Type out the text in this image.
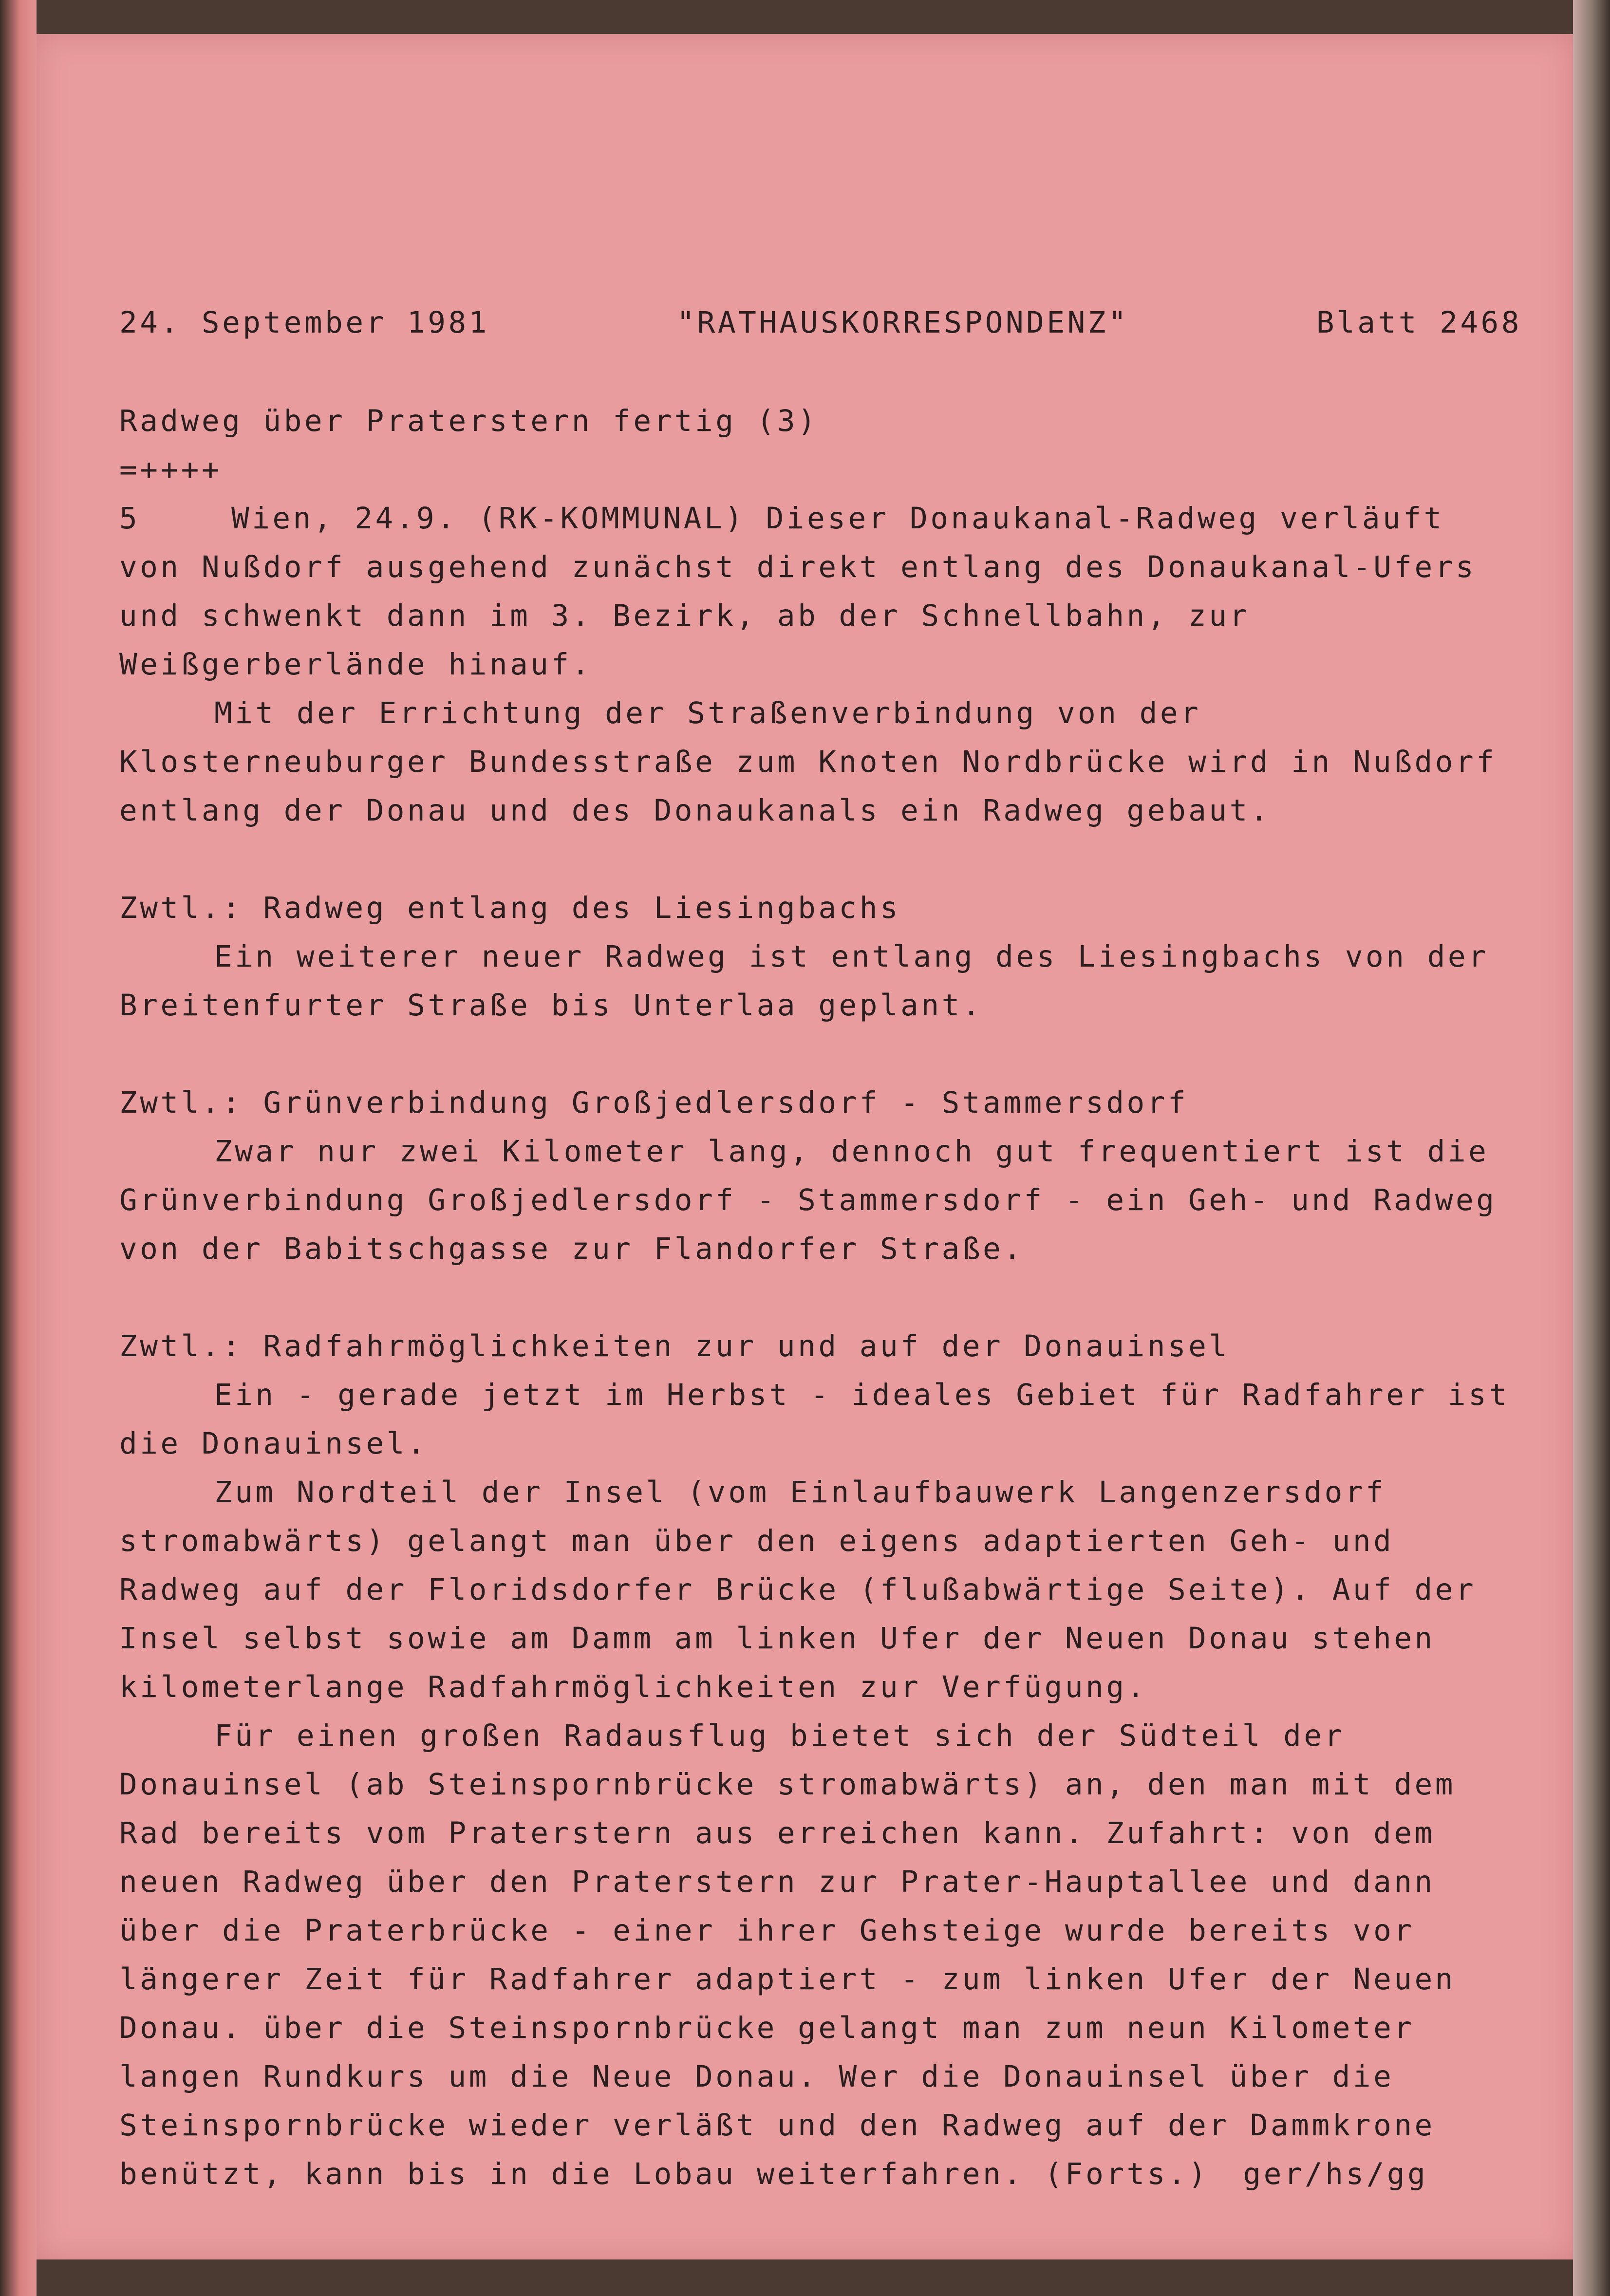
24. September 1981	"RATHAUSKORRESPONDENZ"	Blatt 2468
Radweg über Praterstern fertig (3)
=++++
5	Wien, 24.9. (RK-KOMMUNAL) Dieser Donaukanal-Radweg verläuft
von Nußdorf ausgehend zunächst direkt entlang des Donaukanal-Ufers
und schwenkt dann im 3. Bezirk, ab der Schnellbahn, zur
Weißgerberlände hinauf.
Mit der Errichtung der Straßenverbindung von der
Klosterneuburger Bundesstraße zum Knoten Nordbrücke wird in Nußdorf
entlang der Donau und des Donaukanals ein Radweg gebaut.
Zwtl.: Radweg entlang des Liesingbachs
Ein weiterer neuer Radweg ist entlang des Liesingbachs von der
Breitenfurter Straße bis Unterlaa geplant.
Zwtl.: Grünverbindung Großjedlersdorf - Stammersdorf
Zwar nur zwei Kilometer lang, dennoch gut frequentiert ist die
Grünverbindung Großjedlersdorf - Stammersdorf - ein Geh- und Radweg
von der Babitschgasse zur Flandorfer Straße.
Zwtl.: Radfahrmöglichkeiten zur und auf der Donauinsel
Ein - gerade jetzt im Herbst - ideales Gebiet für Radfahrer ist
die Donauinsel.
Zum Nordteil der Insel (vom Einlaufbauwerk Langenzersdorf
stromabwärts) gelangt man über den eigens adaptierten Geh- und
Radweg auf der Floridsdorfer Brücke (flußabwärtige Seite). Auf der
Insel selbst sowie am Damm am linken Ufer der Neuen Donau stehen
kilometerlange Radfahrmöglichkeiten zur Verfügung.
Für einen großen Radausflug bietet sich der Südteil der
Donauinsel (ab Steinspornbrücke stromabwärts) an, den man mit dem
Rad bereits vom Praterstern aus erreichen kann. Zufahrt: von dem
neuen Radweg über den Praterstern zur Prater-Hauptallee und dann
über die Praterbrücke - einer ihrer Gehsteige wurde bereits vor
längerer Zeit für Radfahrer adaptiert - zum linken Ufer der Neuen
Donau. über die Steinspornbrücke gelangt man zum neun Kilometer
langen Rundkurs um die Neue Donau. Wer die Donauinsel über die
Steinspornbrücke wieder verläßt und den Radweg auf der Dammkrone
benützt, kann bis in die Lobau weiterfahren. (Forts.) ger/hs/gg
